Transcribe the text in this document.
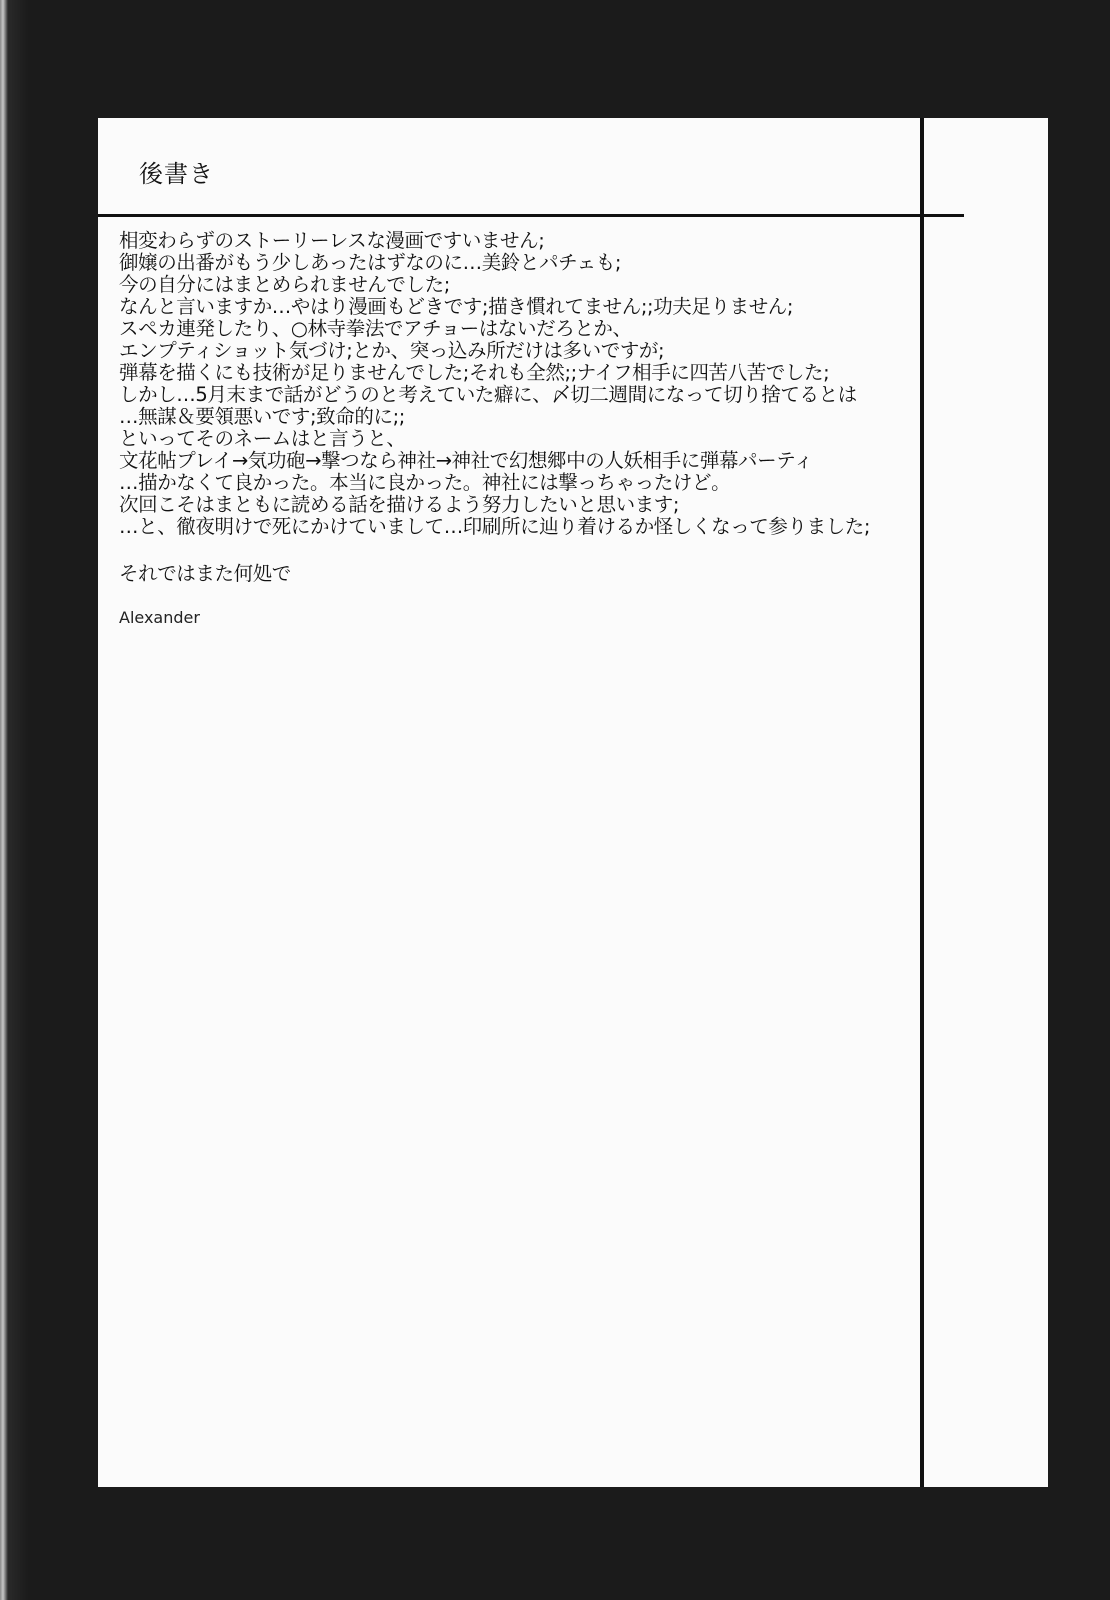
後書き
相変わらずのストーリーレスな漫画ですいません;
御嬢の出番がもう少しあったはずなのに…美鈴とパチェも;
今の自分にはまとめられませんでした;
なんと言いますか…やはり漫画もどきです;描き慣れてません;;功夫足りません;
スペカ連発したり、○林寺拳法でアチョーはないだろとか、
エンプティショット気づけ;とか、突っ込み所だけは多いですが;
弾幕を描くにも技術が足りませんでした;それも全然;;ナイフ相手に四苦八苦でした;
しかし…5月末まで話がどうのと考えていた癖に、〆切二週間になって切り捨てるとは
…無謀＆要領悪いです;致命的に;;
といってそのネームはと言うと、
文花帖プレイ→気功砲→撃つなら神社→神社で幻想郷中の人妖相手に弾幕パーティ
…描かなくて良かった。本当に良かった。神社には撃っちゃったけど。
次回こそはまともに読める話を描けるよう努力したいと思います;
…と、徹夜明けで死にかけていまして…印刷所に辿り着けるか怪しくなって参りました;
それではまた何処で
Alexander
